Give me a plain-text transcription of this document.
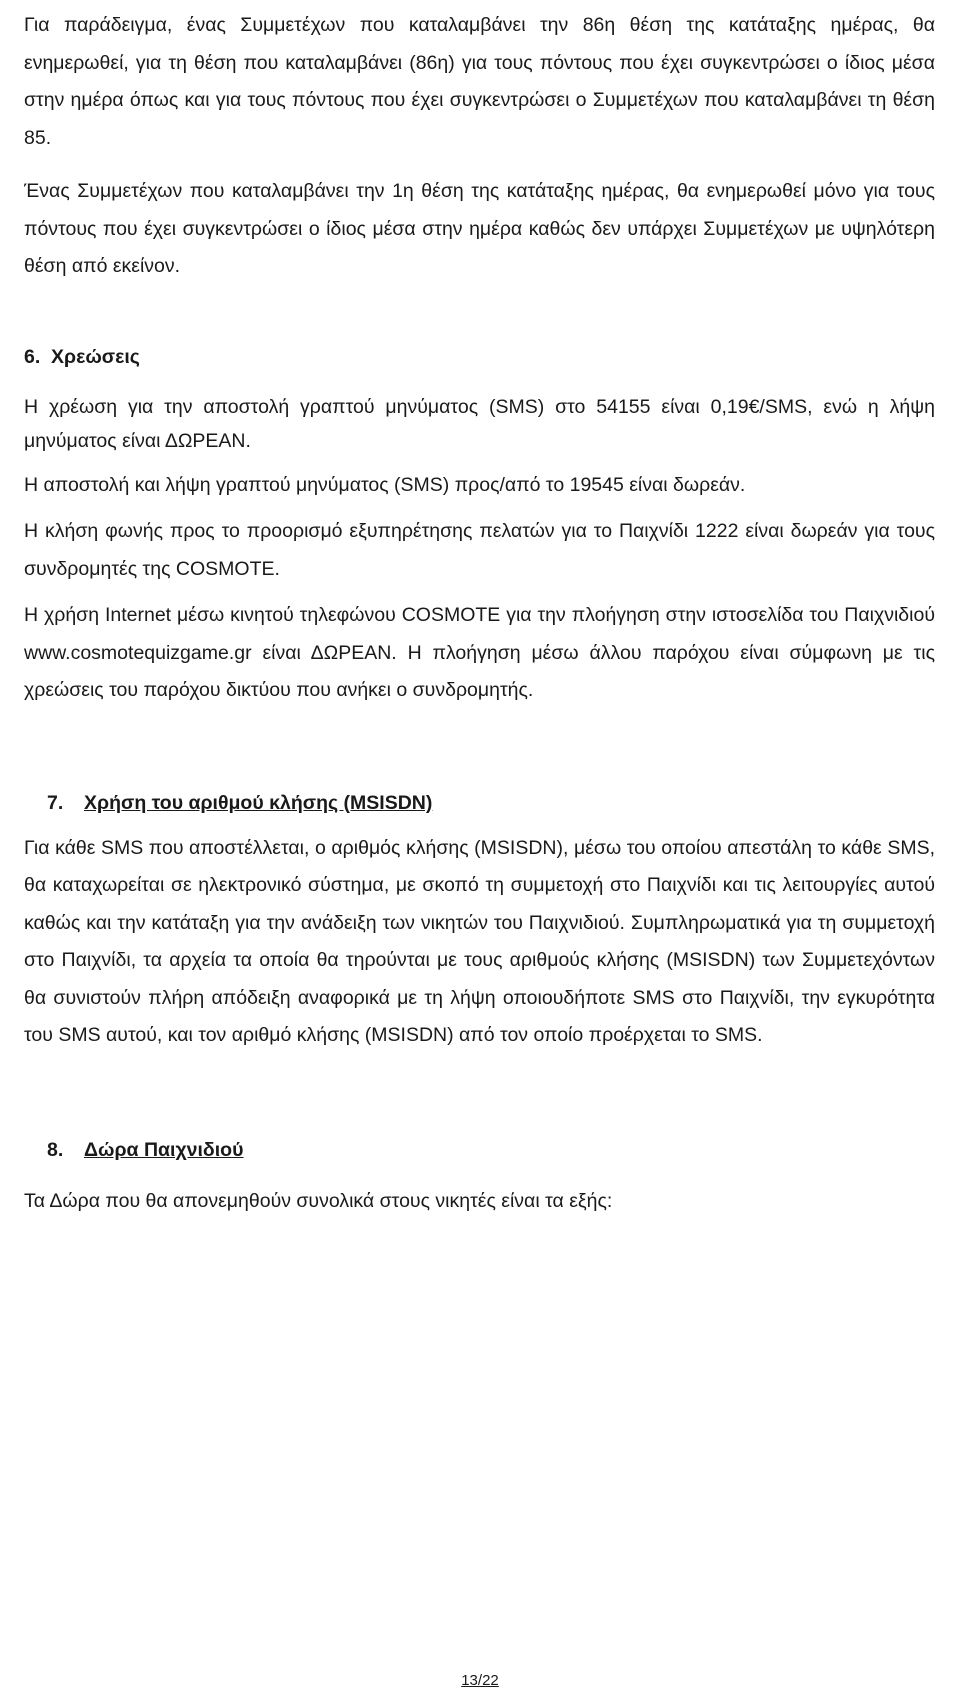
Για παράδειγμα, ένας Συμμετέχων που καταλαμβάνει την 86η θέση της κατάταξης ημέρας, θα ενημερωθεί, για τη θέση που καταλαμβάνει (86η) για τους πόντους που έχει συγκεντρώσει ο ίδιος μέσα στην ημέρα όπως και για τους πόντους που έχει συγκεντρώσει ο Συμμετέχων που καταλαμβάνει τη θέση 85.

Ένας Συμμετέχων που καταλαμβάνει την 1η θέση της κατάταξης ημέρας, θα ενημερωθεί μόνο για τους πόντους που έχει συγκεντρώσει ο ίδιος μέσα στην ημέρα καθώς δεν υπάρχει Συμμετέχων με υψηλότερη θέση από εκείνον.

6. Χρεώσεις

Η χρέωση για την αποστολή γραπτού μηνύματος (SMS) στο 54155 είναι 0,19€/SMS, ενώ η λήψη μηνύματος είναι ΔΩΡΕΑΝ.

Η αποστολή και λήψη γραπτού μηνύματος (SMS) προς/από το 19545 είναι δωρεάν.

Η κλήση φωνής προς το προορισμό εξυπηρέτησης πελατών για το Παιχνίδι 1222 είναι δωρεάν για τους συνδρομητές της COSMOTE.

Η χρήση Internet μέσω κινητού τηλεφώνου COSMOTE για την πλοήγηση στην ιστοσελίδα του Παιχνιδιού www.cosmotequizgame.gr είναι ΔΩΡΕΑΝ. Η πλοήγηση μέσω άλλου παρόχου είναι σύμφωνη με τις χρεώσεις του παρόχου δικτύου που ανήκει ο συνδρομητής.

7. Χρήση του αριθμού κλήσης (MSISDN)

Για κάθε SMS που αποστέλλεται, ο αριθμός κλήσης (MSISDN), μέσω του οποίου απεστάλη το κάθε SMS, θα καταχωρείται σε ηλεκτρονικό σύστημα, με σκοπό τη συμμετοχή στο Παιχνίδι και τις λειτουργίες αυτού καθώς και την κατάταξη για την ανάδειξη των νικητών του Παιχνιδιού. Συμπληρωματικά για τη συμμετοχή στο Παιχνίδι, τα αρχεία τα οποία θα τηρούνται με τους αριθμούς κλήσης (MSISDN) των Συμμετεχόντων θα συνιστούν πλήρη απόδειξη αναφορικά με τη λήψη οποιουδήποτε SMS στο Παιχνίδι, την εγκυρότητα του SMS αυτού, και τον αριθμό κλήσης (MSISDN) από τον οποίο προέρχεται το SMS.

8. Δώρα Παιχνιδιού

Τα Δώρα που θα απονεμηθούν συνολικά στους νικητές είναι τα εξής:

13/22
